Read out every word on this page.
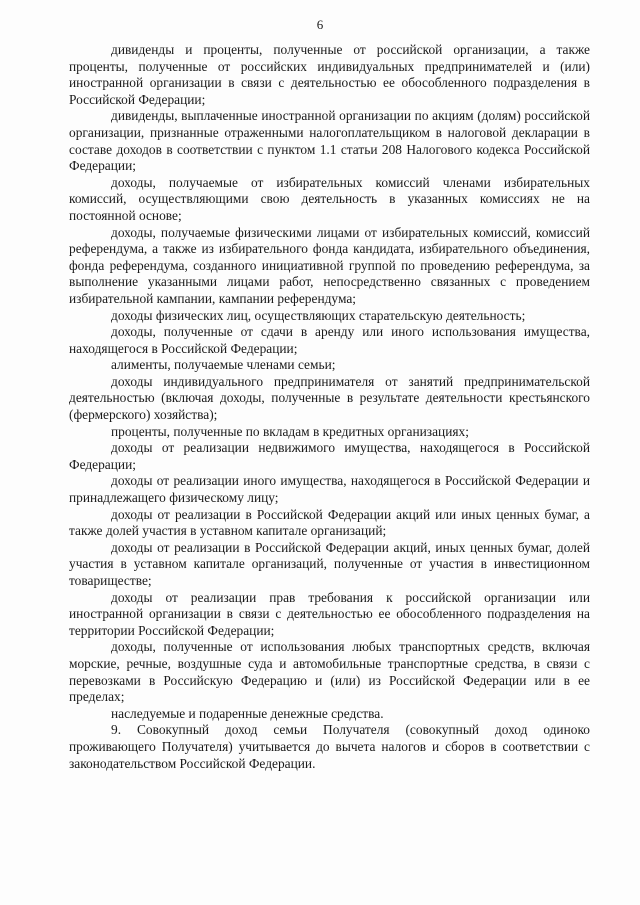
6

дивиденды и проценты, полученные от российской организации, а также проценты, полученные от российских индивидуальных предпринимателей и (или) иностранной организации в связи с деятельностью ее обособленного подразделения в Российской Федерации;

дивиденды, выплаченные иностранной организации по акциям (долям) российской организации, признанные отраженными налогоплательщиком в налоговой декларации в составе доходов в соответствии с пунктом 1.1 статьи 208 Налогового кодекса Российской Федерации;

доходы, получаемые от избирательных комиссий членами избирательных комиссий, осуществляющими свою деятельность в указанных комиссиях не на постоянной основе;

доходы, получаемые физическими лицами от избирательных комиссий, комиссий референдума, а также из избирательного фонда кандидата, избирательного объединения, фонда референдума, созданного инициативной группой по проведению референдума, за выполнение указанными лицами работ, непосредственно связанных с проведением избирательной кампании, кампании референдума;

доходы физических лиц, осуществляющих старательскую деятельность;

доходы, полученные от сдачи в аренду или иного использования имущества, находящегося в Российской Федерации;

алименты, получаемые членами семьи;

доходы индивидуального предпринимателя от занятий предпринимательской деятельностью (включая доходы, полученные в результате деятельности крестьянского (фермерского) хозяйства);

проценты, полученные по вкладам в кредитных организациях;

доходы от реализации недвижимого имущества, находящегося в Российской Федерации;

доходы от реализации иного имущества, находящегося в Российской Федерации и принадлежащего физическому лицу;

доходы от реализации в Российской Федерации акций или иных ценных бумаг, а также долей участия в уставном капитале организаций;

доходы от реализации в Российской Федерации акций, иных ценных бумаг, долей участия в уставном капитале организаций, полученные от участия в инвестиционном товариществе;

доходы от реализации прав требования к российской организации или иностранной организации в связи с деятельностью ее обособленного подразделения на территории Российской Федерации;

доходы, полученные от использования любых транспортных средств, включая морские, речные, воздушные суда и автомобильные транспортные средства, в связи с перевозками в Российскую Федерацию и (или) из Российской Федерации или в ее пределах;

наследуемые и подаренные денежные средства.

9. Совокупный доход семьи Получателя (совокупный доход одиноко проживающего Получателя) учитывается до вычета налогов и сборов в соответствии с законодательством Российской Федерации.
